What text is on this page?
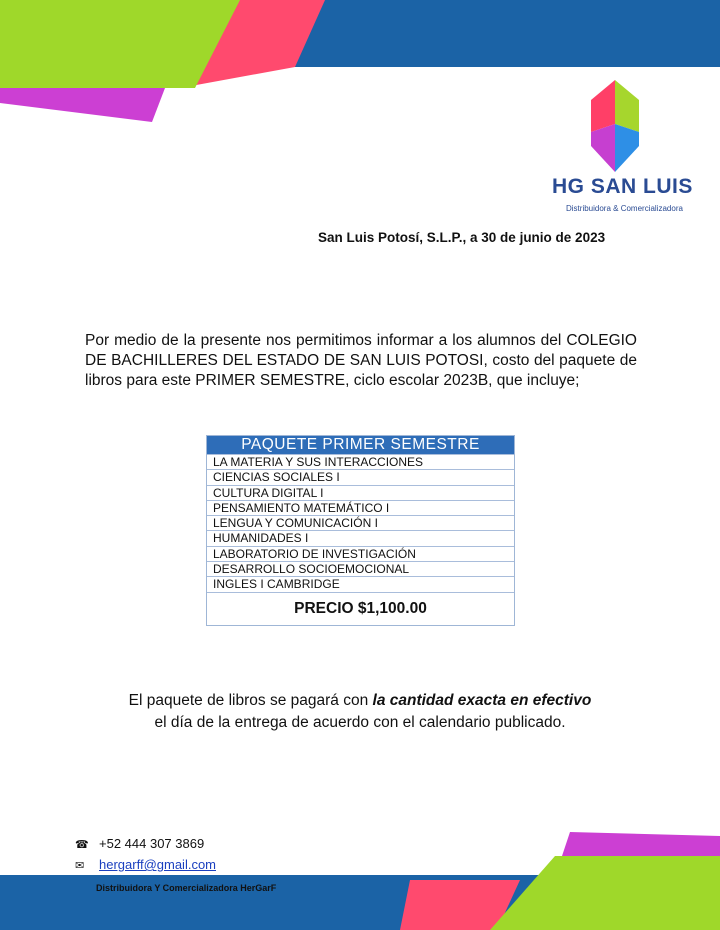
HG SAN LUIS
Distribuidora & Comercializadora
San Luis Potosí, S.L.P., a 30 de junio de 2023
Por medio de la presente nos permitimos informar a los alumnos del COLEGIO DE BACHILLERES DEL ESTADO DE SAN LUIS POTOSI, costo del paquete de libros para este PRIMER SEMESTRE, ciclo escolar 2023B, que incluye;
PAQUETE PRIMER SEMESTRE
LA MATERIA Y SUS INTERACCIONES
CIENCIAS SOCIALES I
CULTURA DIGITAL I
PENSAMIENTO MATEMÁTICO I
LENGUA Y COMUNICACIÓN I
HUMANIDADES I
LABORATORIO DE INVESTIGACIÓN
DESARROLLO SOCIOEMOCIONAL
INGLES I CAMBRIDGE
PRECIO $1,100.00
El paquete de libros se pagará con la cantidad exacta en efectivo
el día de la entrega de acuerdo con el calendario publicado.
☎ +52 444 307 3869
✉ hergarff@gmail.com
Distribuidora Y Comercializadora HerGarF
